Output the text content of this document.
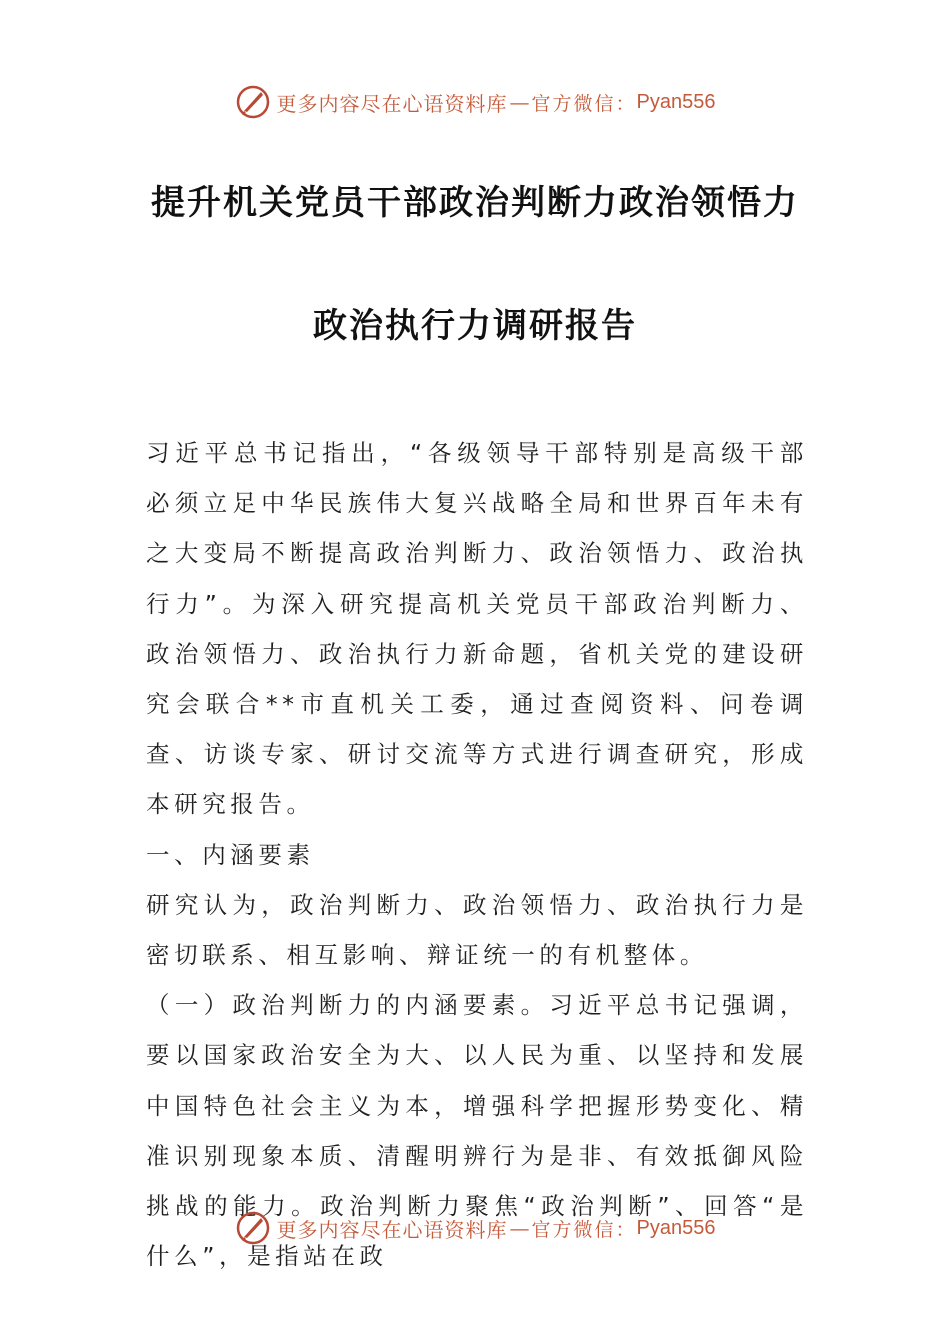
更多内容尽在心语资料库 — 官方微信： Pyan556
提升机关党员干部政治判断力政治领悟力
政治执行力调研报告

习近平总书记指出，“各级领导干部特别是高级干部必须立足中华民族伟大复兴战略全局和世界百年未有之大变局不断提高政治判断力、政治领悟力、政治执行力”。为深入研究提高机关党员干部政治判断力、政治领悟力、政治执行力新命题，省机关党的建设研究会联合**市直机关工委，通过查阅资料、问卷调查、访谈专家、研讨交流等方式进行调查研究，形成本研究报告。

一、内涵要素

研究认为，政治判断力、政治领悟力、政治执行力是密切联系、相互影响、辩证统一的有机整体。

（一）政治判断力的内涵要素。习近平总书记强调，要以国家政治安全为大、以人民为重、以坚持和发展中国特色社会主义为本，增强科学把握形势变化、精准识别现象本质、清醒明辨行为是非、有效抵御风险挑战的能力。政治判断力聚焦“政治判断”、回答“是什么”，是指站在政

更多内容尽在心语资料库 — 官方微信： Pyan556
